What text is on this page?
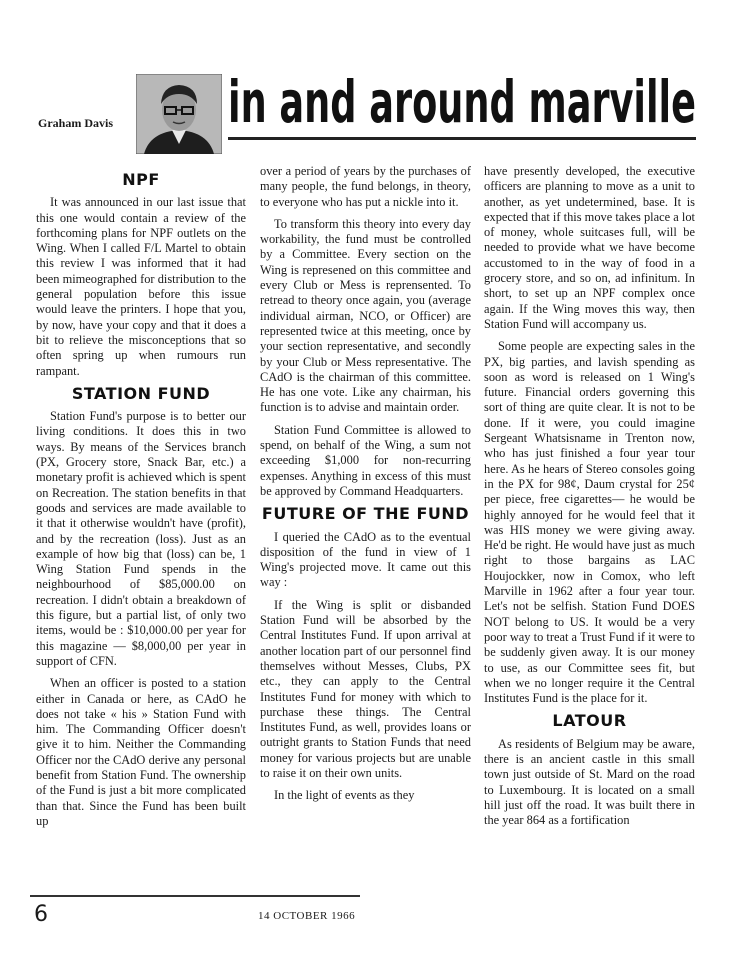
Graham Davis in and around marville
NPF

It was announced in our last issue that this one would contain a review of the forthcoming plans for NPF outlets on the Wing. When I called F/L Martel to obtain this review I was informed that it had been mimeographed for distribution to the general population before this issue would leave the printers. I hope that you, by now, have your copy and that it does a bit to relieve the misconceptions that so often spring up when rumours run rampant.

STATION FUND

Station Fund's purpose is to better our living conditions. It does this in two ways. By means of the Services branch (PX, Grocery store, Snack Bar, etc.) a monetary profit is achieved which is spent on Recreation. The station benefits in that goods and services are made available to it that it otherwise wouldn't have (profit), and by the recreation (loss). Just as an example of how big that (loss) can be, 1 Wing Station Fund spends in the neighbourhood of $85,000.00 on recreation. I didn't obtain a breakdown of this figure, but a partial list, of only two items, would be : $10,000.00 per year for this magazine — $8,000,00 per year in support of CFN.

When an officer is posted to a station either in Canada or here, as CAdO he does not take « his » Station Fund with him. The Commanding Officer doesn't give it to him. Neither the Commanding Officer nor the CAdO derive any personal benefit from Station Fund. The ownership of the Fund is just a bit more complicated than that. Since the Fund has been built up

over a period of years by the purchases of many people, the fund belongs, in theory, to everyone who has put a nickle into it.

To transform this theory into every day workability, the fund must be controlled by a Committee. Every section on the Wing is represened on this committee and every Club or Mess is reprensented. To retread to theory once again, you (average individual airman, NCO, or Officer) are represented twice at this meeting, once by your section representative, and secondly by your Club or Mess representative. The CAdO is the chairman of this committee. He has one vote. Like any chairman, his function is to advise and maintain order.

Station Fund Committee is allowed to spend, on behalf of the Wing, a sum not exceeding $1,000 for non-recurring expenses. Anything in excess of this must be approved by Command Headquarters.

FUTURE OF THE FUND

I queried the CAdO as to the eventual disposition of the fund in view of 1 Wing's projected move. It came out this way :

If the Wing is split or disbanded Station Fund will be absorbed by the Central Institutes Fund. If upon arrival at another location part of our personnel find themselves without Messes, Clubs, PX etc., they can apply to the Central Institutes Fund for money with which to purchase these things. The Central Institutes Fund, as well, provides loans or outright grants to Station Funds that need money for various projects but are unable to raise it on their own units.

In the light of events as they

have presently developed, the executive officers are planning to move as a unit to another, as yet undetermined, base. It is expected that if this move takes place a lot of money, whole suitcases full, will be needed to provide what we have become accustomed to in the way of food in a grocery store, and so on, ad infinitum. In short, to set up an NPF complex once again. If the Wing moves this way, then Station Fund will accompany us.

Some people are expecting sales in the PX, big parties, and lavish spending as soon as word is released on 1 Wing's future. Financial orders governing this sort of thing are quite clear. It is not to be done. If it were, you could imagine Sergeant Whatsisname in Trenton now, who has just finished a four year tour here. As he hears of Stereo consoles going in the PX for 98¢, Daum crystal for 25¢ per piece, free cigarettes— he would be highly annoyed for he would feel that it was HIS money we were giving away. He'd be right. He would have just as much right to those bargains as LAC Houjockker, now in Comox, who left Marville in 1962 after a four year tour. Let's not be selfish. Station Fund DOES NOT belong to US. It would be a very poor way to treat a Trust Fund if it were to be suddenly given away. It is our money to use, as our Committee sees fit, but when we no longer require it the Central Institutes Fund is the place for it.

LATOUR

As residents of Belgium may be aware, there is an ancient castle in this small town just outside of St. Mard on the road to Luxembourg. It is located on a small hill just off the road. It was built there in the year 864 as a fortification

6	14 OCTOBER 1966
